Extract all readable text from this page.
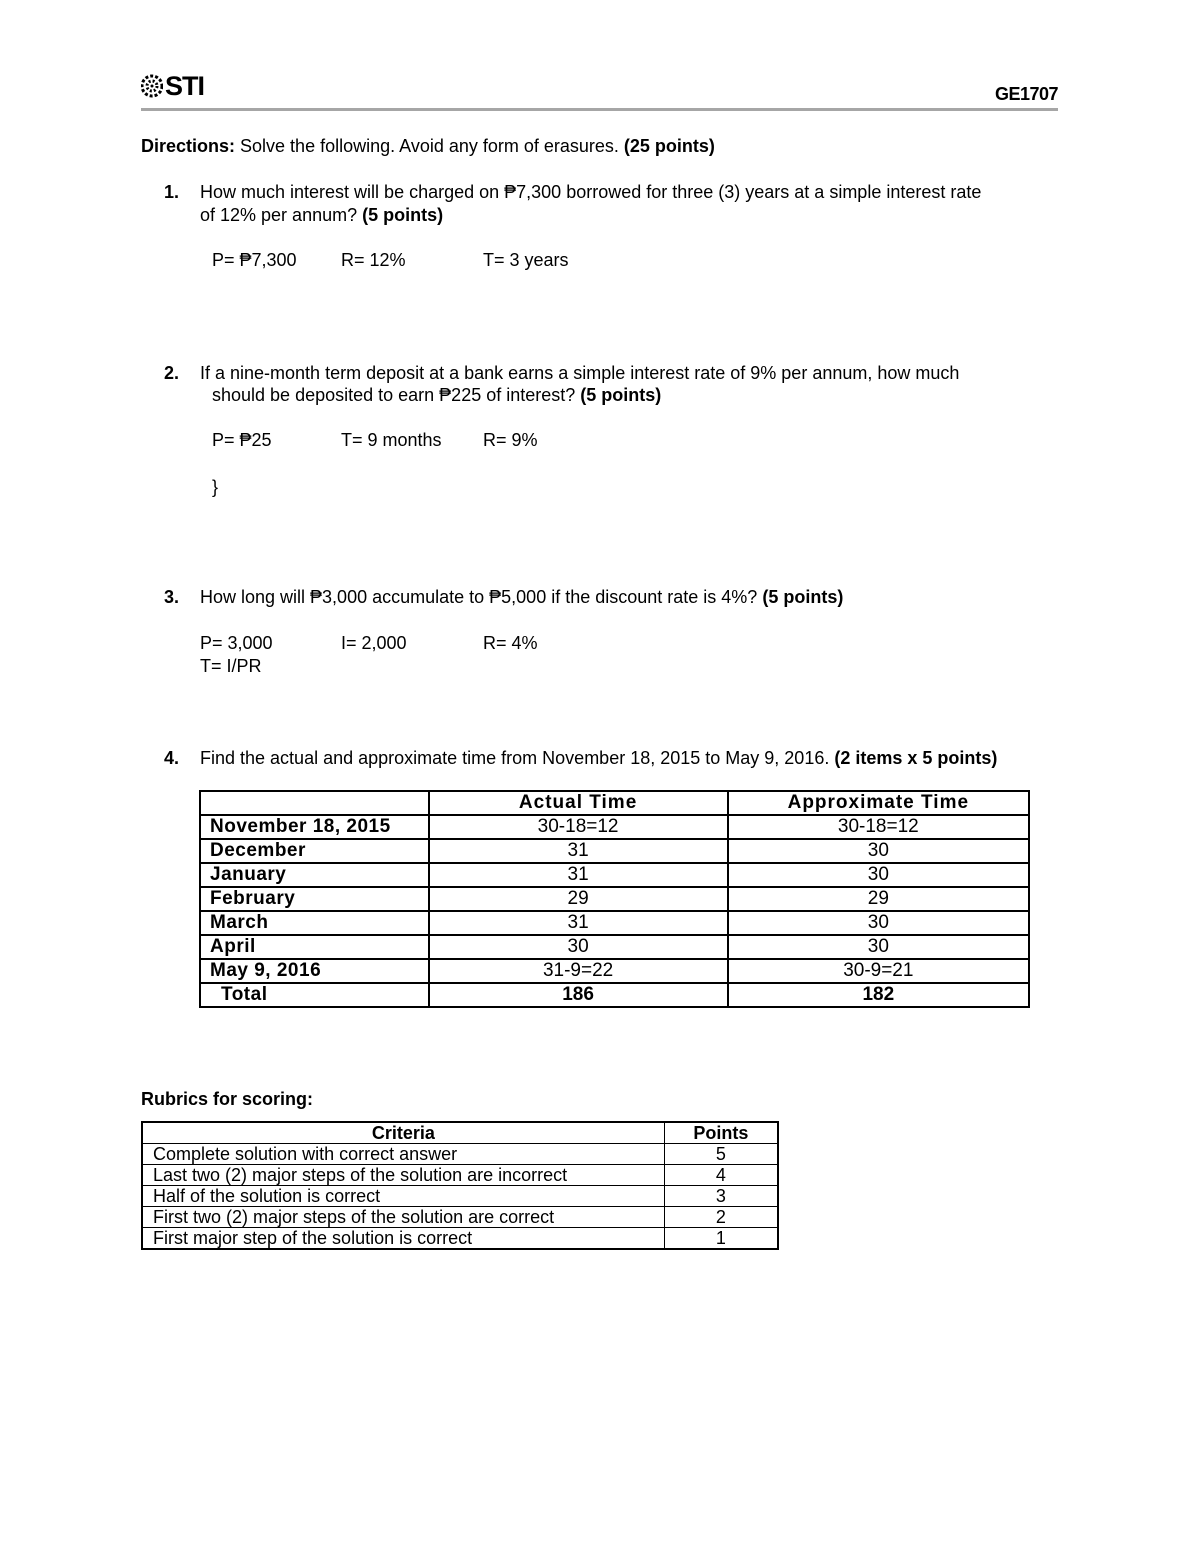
STI	GE1707
Directions: Solve the following. Avoid any form of erasures. (25 points)
1. How much interest will be charged on ₱7,300 borrowed for three (3) years at a simple interest rate
of 12% per annum? (5 points)
P= ₱7,300 R= 12%	T= 3 years
2. If a nine-month term deposit at a bank earns a simple interest rate of 9% per annum, how much
should be deposited to earn ₱225 of interest? (5 points)
P= ₱25	T= 9 months R= 9%
}
3. How long will ₱3,000 accumulate to ₱5,000 if the discount rate is 4%? (5 points)
P= 3,000	I= 2,000	R= 4%
T= I/PR
4. Find the actual and approximate time from November 18, 2015 to May 9, 2016. (2 items x 5 points)
	Actual Time	Approximate Time
November 18, 2015	30-18=12	30-18=12
December	31	30
January	31	30
February	29	29
March	31	30
April	30	30
May 9, 2016	31-9=22	30-9=21
Total	186	182
Rubrics for scoring:
Criteria	Points
Complete solution with correct answer	5
Last two (2) major steps of the solution are incorrect	4
Half of the solution is correct	3
First two (2) major steps of the solution are correct	2
First major step of the solution is correct	1
